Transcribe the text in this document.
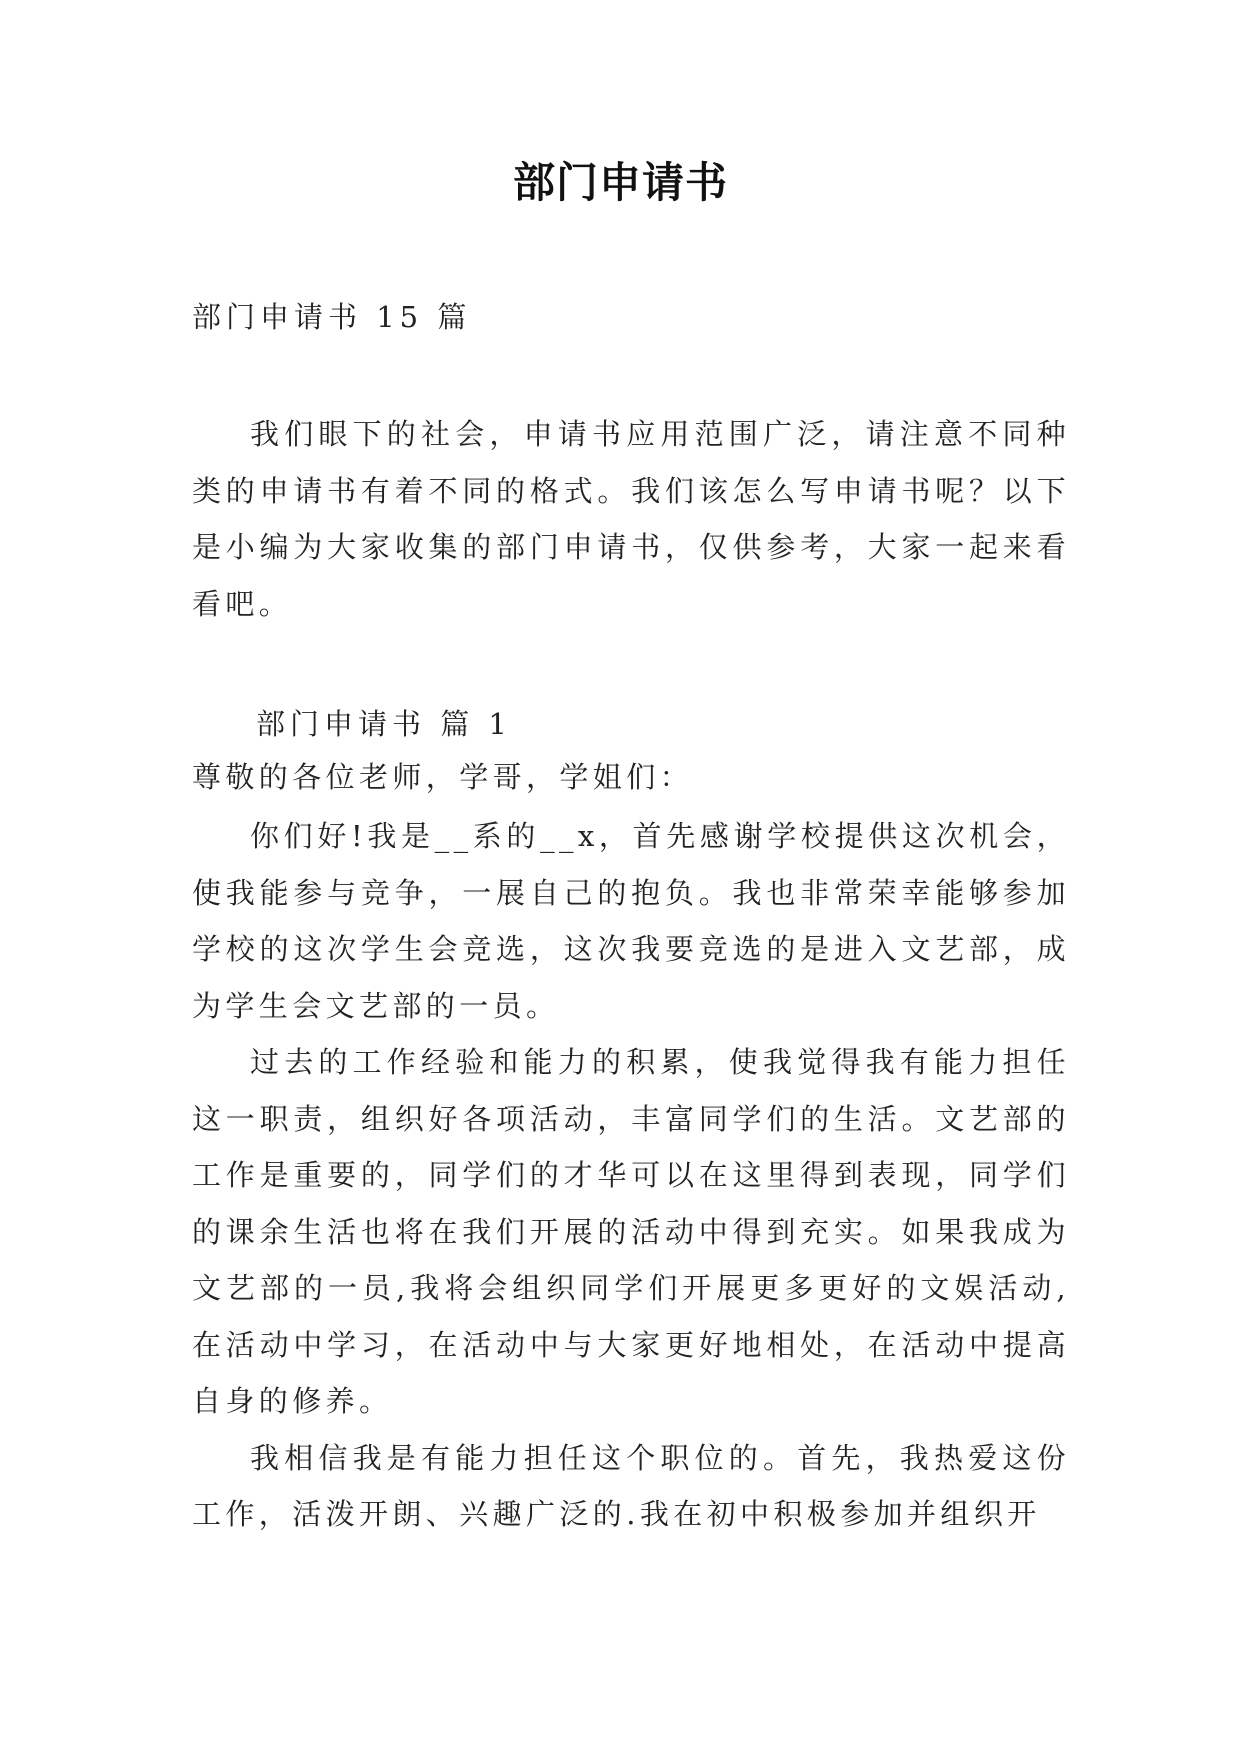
部门申请书
部门申请书 15 篇

我们眼下的社会，申请书应用范围广泛，请注意不同种类的申请书有着不同的格式。我们该怎么写申请书呢？以下是小编为大家收集的部门申请书，仅供参考，大家一起来看看吧。

部门申请书 篇 1
尊敬的各位老师，学哥，学姐们：

你们好!我是__系的__x，首先感谢学校提供这次机会，使我能参与竞争，一展自己的抱负。我也非常荣幸能够参加学校的这次学生会竞选，这次我要竞选的是进入文艺部，成为学生会文艺部的一员。

过去的工作经验和能力的积累，使我觉得我有能力担任这一职责，组织好各项活动，丰富同学们的生活。文艺部的工作是重要的，同学们的才华可以在这里得到表现，同学们的课余生活也将在我们开展的活动中得到充实。如果我成为文艺部的一员,我将会组织同学们开展更多更好的文娱活动,在活动中学习，在活动中与大家更好地相处，在活动中提高自身的修养。

我相信我是有能力担任这个职位的。首先，我热爱这份工作，活泼开朗、兴趣广泛的.我在初中积极参加并组织开
